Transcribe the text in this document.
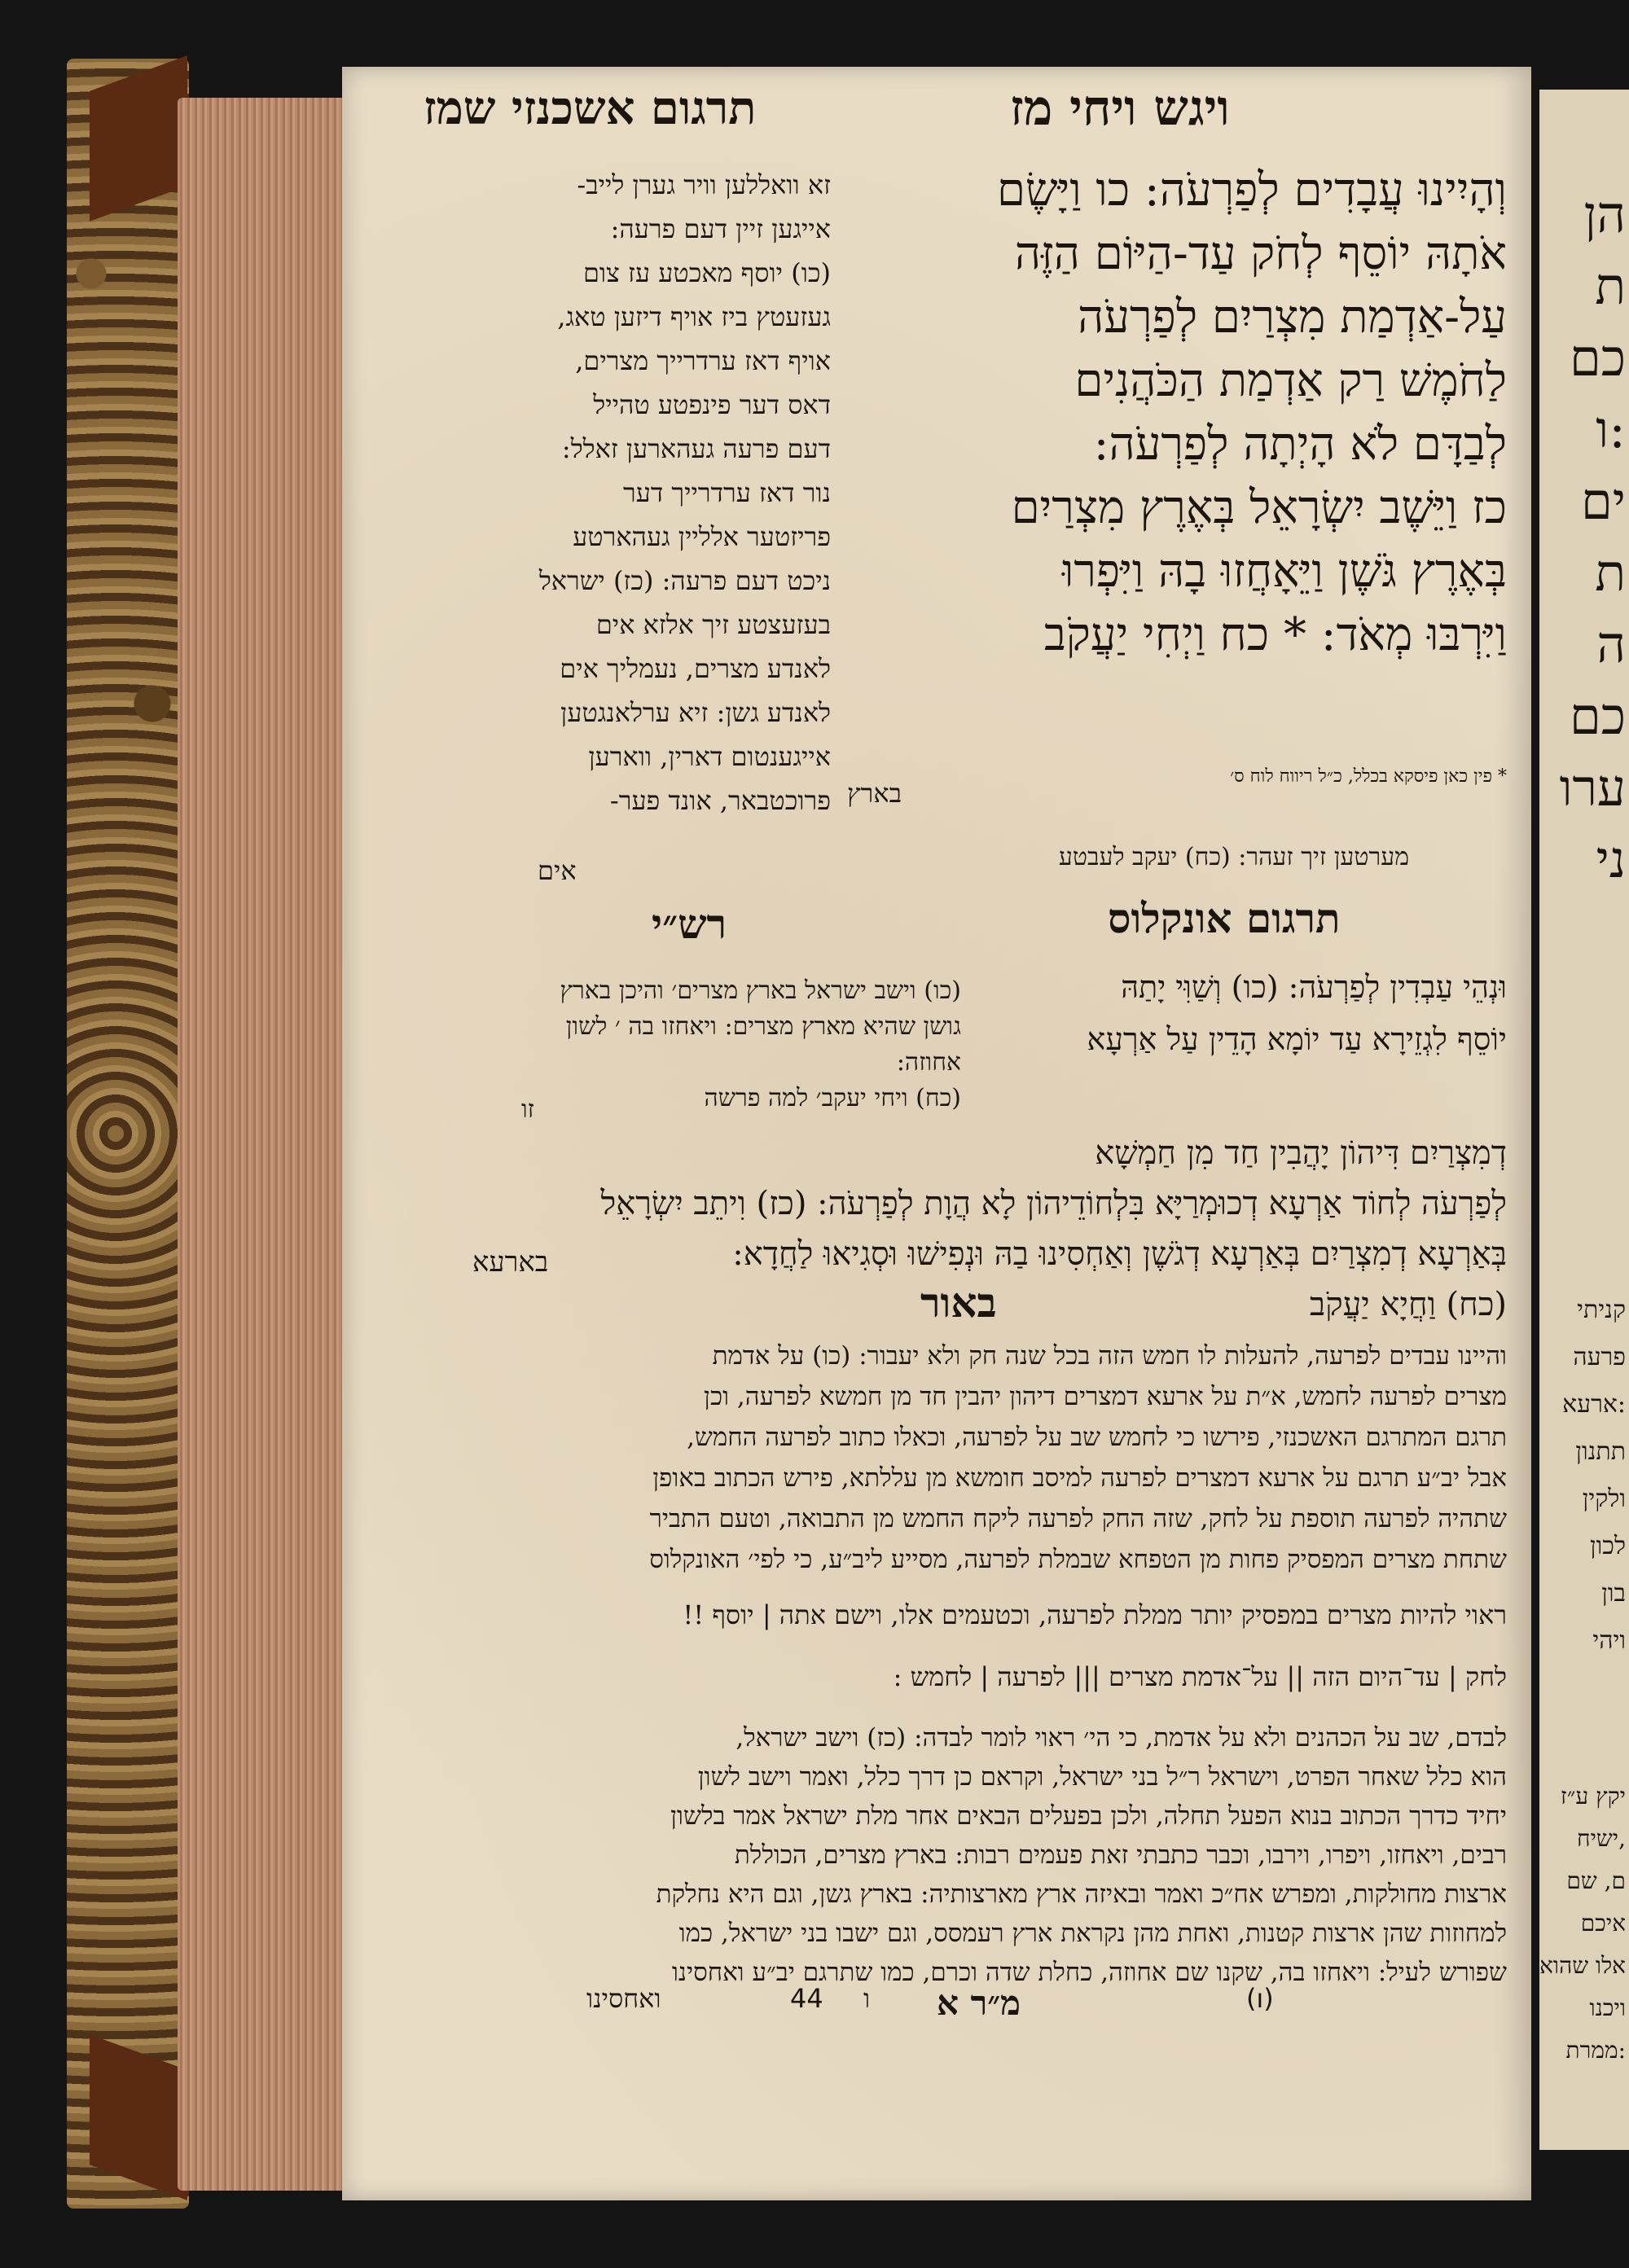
הן
ת
כם
ו:
ים
ת
ה
כם
ערו
ני
קניתי
פרעה
ארעא:
תתנון
ולקין
לכון
בון
ויהי
יקץ ע״ז
ישיח,
ם, שם
איכם
אלו שהוא
ויכנו
ממרת:
תרגום אשכנזי שמז	ויגש ויחי מז
וְהָיִינוּ עֲבָדִים לְפַרְעֹה: כו וַיָּשֶׂם
אֹתָהּ יוֹסֵף לְחֹק עַד-הַיּוֹם הַזֶּה
עַל-אַדְמַת מִצְרַיִם לְפַרְעֹה
לַחֹמֶשׁ רַק אַדְמַת הַכֹּהֲנִים
לְבַדָּם לֹא הָיְתָה לְפַרְעֹה:
כז וַיֵּשֶׁב יִשְׂרָאֵל בְּאֶרֶץ מִצְרַיִם
בְּאֶרֶץ גֹּשֶׁן וַיֵּאָחֲזוּ בָהּ וַיִּפְרוּ
וַיִּרְבּוּ מְאֹד: * כח וַיְחִי יַעֲקֹב
* פין כאן פיסקא בכלל, כ״ל ריווח לוח ס׳
בארץ
מערטען זיך זעהר: (כח) יעקב לעבטע
אים
זא וואללען וויר גערן לייב-
אייגען זיין דעם פרעה:
(כו) יוסף מאכטע עז צום
געזעטץ ביז אויף דיזען טאג,
אויף דאז ערדרייך מצרים,
דאס דער פינפטע טהייל
דעם פרעה געהארען זאלל:
נור דאז ערדרייך דער
פריזטער אלליין געהארטע
ניכט דעם פרעה: (כז) ישראל
בעזעצטע זיך אלזא אים
לאנדע מצרים, נעמליך אים
לאנדע גשן: זיא ערלאנגטען
אייגענטום דארין, ווארען
פרוכטבאר, אונד פער-
רש״י	תרגום אונקלוס
(כו) וישב ישראל בארץ מצרים׳ והיכן בארץ
גושן שהיא מארץ מצרים: ויאחזו בה ׳ לשון
אחוזה:
(כח) ויחי יעקב׳ למה פרשה
וּנְהֵי עַבְדִין לְפַרְעֹה: (כו) וְשַׁוִּי יָתַהּ
יוֹסֵף לִגְזֵירָא עַד יוֹמָא הָדֵין עַל אַרְעָא
זו
דְמִצְרַיִם דִּיהוֹן יָהֲבִין חַד מִן חַמְשָׁא
לְפַרְעֹה לְחוֹד אַרְעָא דְכוּמְרַיָּא בִּלְחוֹדֵיהוֹן לָא הֲוָת לְפַרְעֹה: (כז) וִיתֵב יִשְׂרָאֵל
בְּאַרְעָא דְמִצְרַיִם בְּאַרְעָא דְגֹשֶׁן וְאַחְסִינוּ בַהּ וּנְפִישׁוּ וּסְגִיאוּ לַחֲדָא:
(כח) וַחֲיָא יַעֲקֹב
בארעא
באור
והיינו עבדים לפרעה, להעלות לו חמש הזה בכל שנה חק ולא יעבור: (כו) על אדמת
מצרים לפרעה לחמש, א״ת על ארעא דמצרים דיהון יהבין חד מן חמשא לפרעה, וכן
תרגם המתרגם האשכנזי, פירשו כי לחמש שב על לפרעה, וכאלו כתוב לפרעה החמש,
אבל יב״ע תרגם על ארעא דמצרים לפרעה למיסב חומשא מן עללתא, פירש הכתוב באופן
שתהיה לפרעה תוספת על לחק, שזה החק לפרעה ליקח החמש מן התבואה, וטעם התביר
שתחת מצרים המפסיק פחות מן הטפחא שבמלת לפרעה, מסייע ליב״ע, כי לפי׳ האונקלוס
ראוי להיות מצרים במפסיק יותר ממלת לפרעה, וכטעמים אלו, וישם אתה | יוסף !!
לחק | עד־היום הזה || על־אדמת מצרים ||| לפרעה | לחמש :
לבדם, שב על הכהנים ולא על אדמת, כי הי׳ ראוי לומר לבדה: (כז) וישב ישראל,
הוא כלל שאחר הפרט, וישראל ר״ל בני ישראל, וקראם כן דרך כלל, ואמר וישב לשון
יחיד כדרך הכתוב בנוא הפעל תחלה, ולכן בפעלים הבאים אחר מלת ישראל אמר בלשון
רבים, ויאחזו, ויפרו, וירבו, וכבר כתבתי זאת פעמים רבות: בארץ מצרים, הכוללת
ארצות מחולקות, ומפרש אח״כ ואמר ובאיזה ארץ מארצותיה: בארץ גשן, וגם היא נחלקת
למחוזות שהן ארצות קטנות, ואחת מהן נקראת ארץ רעמסס, וגם ישבו בני ישראל, כמו
שפורש לעיל: ויאחזו בה, שקנו שם אחוזה, כחלת שדה וכרם, כמו שתרגם יב״ע ואחסינו
ואחסינו	44 ו מ״ר א	(ו)
